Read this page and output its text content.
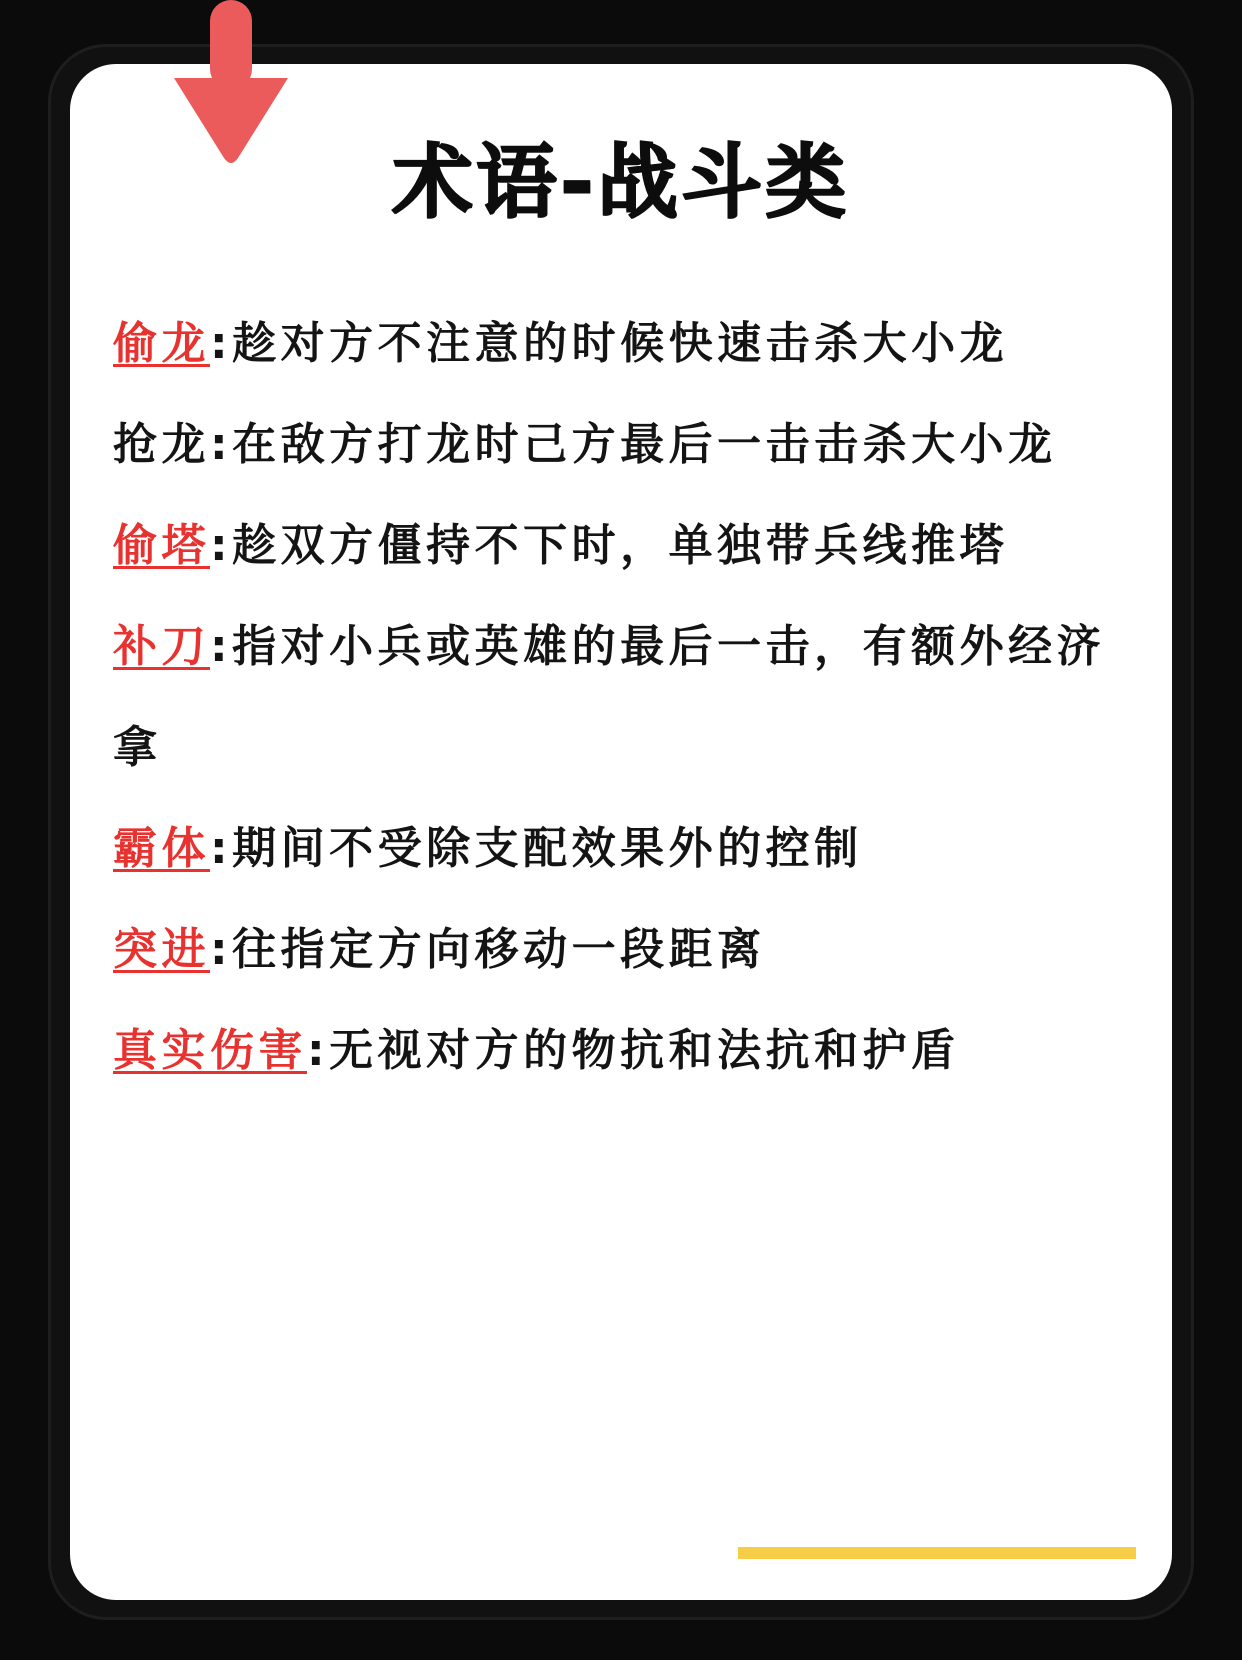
术语-战斗类
偷龙:趁对方不注意的时候快速击杀大小龙
抢龙:在敌方打龙时己方最后一击击杀大小龙
偷塔:趁双方僵持不下时，单独带兵线推塔
补刀:指对小兵或英雄的最后一击，有额外经济拿
霸体:期间不受除支配效果外的控制
突进:往指定方向移动一段距离
真实伤害:无视对方的物抗和法抗和护盾
